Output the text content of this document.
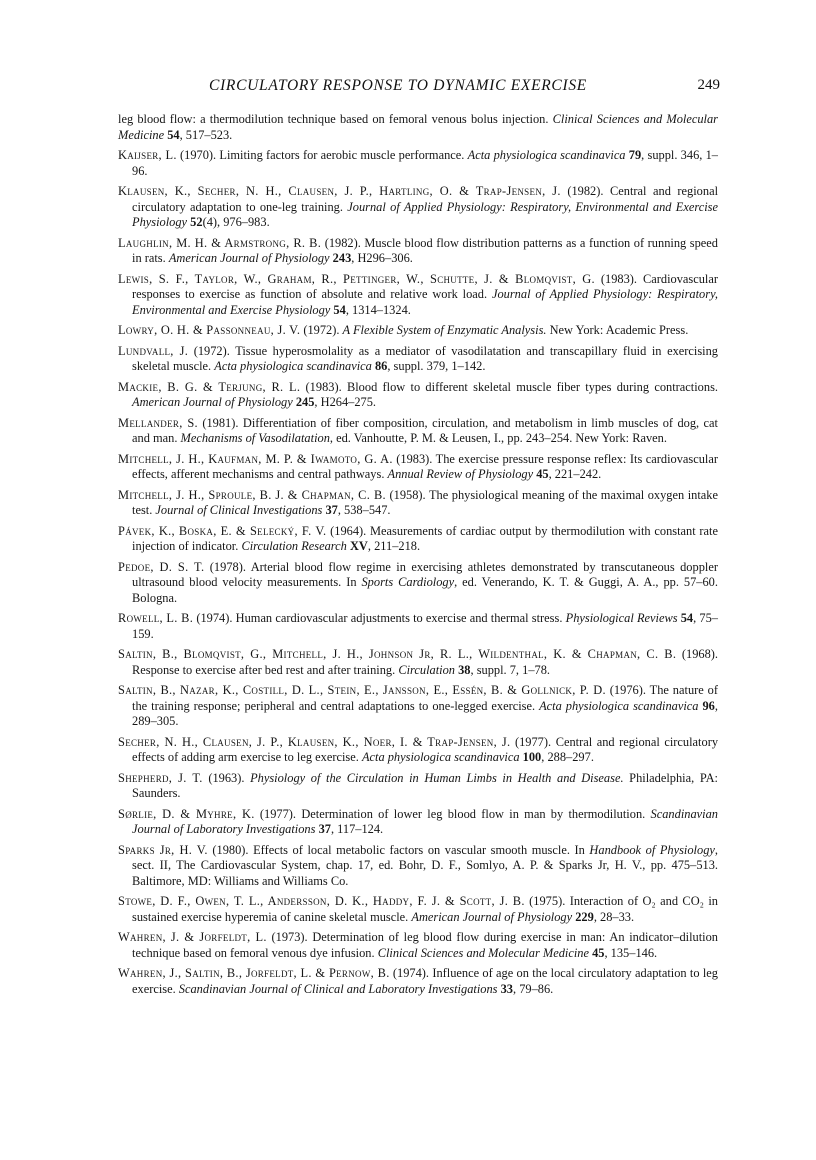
CIRCULATORY RESPONSE TO DYNAMIC EXERCISE	249

leg blood flow: a thermodilution technique based on femoral venous bolus injection. Clinical Sciences and Molecular Medicine 54, 517–523.

Kaijser, L. (1970). Limiting factors for aerobic muscle performance. Acta physiologica scandinavica 79, suppl. 346, 1–96.

Klausen, K., Secher, N. H., Clausen, J. P., Hartling, O. & Trap-Jensen, J. (1982). Central and regional circulatory adaptation to one-leg training. Journal of Applied Physiology: Respiratory, Environmental and Exercise Physiology 52(4), 976–983.

Laughlin, M. H. & Armstrong, R. B. (1982). Muscle blood flow distribution patterns as a function of running speed in rats. American Journal of Physiology 243, H296–306.

Lewis, S. F., Taylor, W., Graham, R., Pettinger, W., Schutte, J. & Blomqvist, G. (1983). Cardiovascular responses to exercise as function of absolute and relative work load. Journal of Applied Physiology: Respiratory, Environmental and Exercise Physiology 54, 1314–1324.

Lowry, O. H. & Passonneau, J. V. (1972). A Flexible System of Enzymatic Analysis. New York: Academic Press.

Lundvall, J. (1972). Tissue hyperosmolality as a mediator of vasodilatation and transcapillary fluid in exercising skeletal muscle. Acta physiologica scandinavica 86, suppl. 379, 1–142.

Mackie, B. G. & Terjung, R. L. (1983). Blood flow to different skeletal muscle fiber types during contractions. American Journal of Physiology 245, H264–275.

Mellander, S. (1981). Differentiation of fiber composition, circulation, and metabolism in limb muscles of dog, cat and man. Mechanisms of Vasodilatation, ed. Vanhoutte, P. M. & Leusen, I., pp. 243–254. New York: Raven.

Mitchell, J. H., Kaufman, M. P. & Iwamoto, G. A. (1983). The exercise pressure response reflex: Its cardiovascular effects, afferent mechanisms and central pathways. Annual Review of Physiology 45, 221–242.

Mitchell, J. H., Sproule, B. J. & Chapman, C. B. (1958). The physiological meaning of the maximal oxygen intake test. Journal of Clinical Investigations 37, 538–547.

Pávek, K., Boska, E. & Selecký, F. V. (1964). Measurements of cardiac output by thermodilution with constant rate injection of indicator. Circulation Research XV, 211–218.

Pedoe, D. S. T. (1978). Arterial blood flow regime in exercising athletes demonstrated by transcutaneous doppler ultrasound blood velocity measurements. In Sports Cardiology, ed. Venerando, K. T. & Guggi, A. A., pp. 57–60. Bologna.

Rowell, L. B. (1974). Human cardiovascular adjustments to exercise and thermal stress. Physiological Reviews 54, 75–159.

Saltin, B., Blomqvist, G., Mitchell, J. H., Johnson Jr, R. L., Wildenthal, K. & Chapman, C. B. (1968). Response to exercise after bed rest and after training. Circulation 38, suppl. 7, 1–78.

Saltin, B., Nazar, K., Costill, D. L., Stein, E., Jansson, E., Essén, B. & Gollnick, P. D. (1976). The nature of the training response; peripheral and central adaptations to one-legged exercise. Acta physiologica scandinavica 96, 289–305.

Secher, N. H., Clausen, J. P., Klausen, K., Noer, I. & Trap-Jensen, J. (1977). Central and regional circulatory effects of adding arm exercise to leg exercise. Acta physiologica scandinavica 100, 288–297.

Shepherd, J. T. (1963). Physiology of the Circulation in Human Limbs in Health and Disease. Philadelphia, PA: Saunders.

Sørlie, D. & Myhre, K. (1977). Determination of lower leg blood flow in man by thermodilution. Scandinavian Journal of Laboratory Investigations 37, 117–124.

Sparks Jr, H. V. (1980). Effects of local metabolic factors on vascular smooth muscle. In Handbook of Physiology, sect. II, The Cardiovascular System, chap. 17, ed. Bohr, D. F., Somlyo, A. P. & Sparks Jr, H. V., pp. 475–513. Baltimore, MD: Williams and Williams Co.

Stowe, D. F., Owen, T. L., Andersson, D. K., Haddy, F. J. & Scott, J. B. (1975). Interaction of O₂ and CO₂ in sustained exercise hyperemia of canine skeletal muscle. American Journal of Physiology 229, 28–33.

Wahren, J. & Jorfeldt, L. (1973). Determination of leg blood flow during exercise in man: An indicator–dilution technique based on femoral venous dye infusion. Clinical Sciences and Molecular Medicine 45, 135–146.

Wahren, J., Saltin, B., Jorfeldt, L. & Pernow, B. (1974). Influence of age on the local circulatory adaptation to leg exercise. Scandinavian Journal of Clinical and Laboratory Investigations 33, 79–86.
